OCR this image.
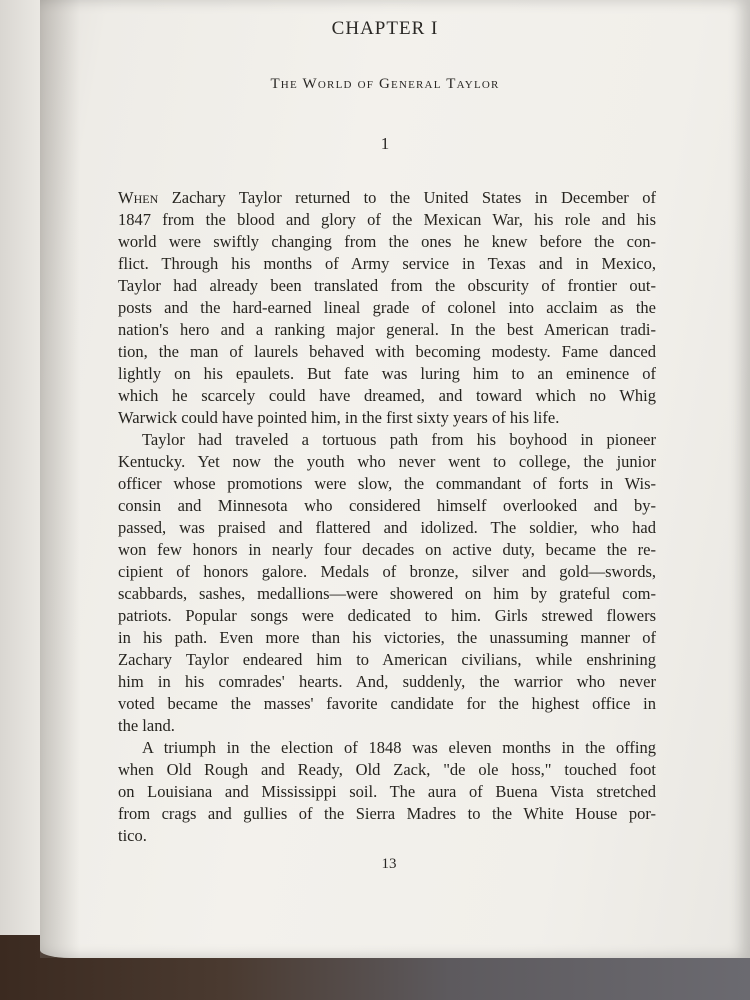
CHAPTER I
The World of General Taylor
1
When Zachary Taylor returned to the United States in December of
1847 from the blood and glory of the Mexican War, his role and his
world were swiftly changing from the ones he knew before the con-
flict. Through his months of Army service in Texas and in Mexico,
Taylor had already been translated from the obscurity of frontier out-
posts and the hard-earned lineal grade of colonel into acclaim as the
nation's hero and a ranking major general. In the best American tradi-
tion, the man of laurels behaved with becoming modesty. Fame danced
lightly on his epaulets. But fate was luring him to an eminence of
which he scarcely could have dreamed, and toward which no Whig
Warwick could have pointed him, in the first sixty years of his life.
Taylor had traveled a tortuous path from his boyhood in pioneer
Kentucky. Yet now the youth who never went to college, the junior
officer whose promotions were slow, the commandant of forts in Wis-
consin and Minnesota who considered himself overlooked and by-
passed, was praised and flattered and idolized. The soldier, who had
won few honors in nearly four decades on active duty, became the re-
cipient of honors galore. Medals of bronze, silver and gold—swords,
scabbards, sashes, medallions—were showered on him by grateful com-
patriots. Popular songs were dedicated to him. Girls strewed flowers
in his path. Even more than his victories, the unassuming manner of
Zachary Taylor endeared him to American civilians, while enshrining
him in his comrades' hearts. And, suddenly, the warrior who never
voted became the masses' favorite candidate for the highest office in
the land.
A triumph in the election of 1848 was eleven months in the offing
when Old Rough and Ready, Old Zack, "de ole hoss," touched foot
on Louisiana and Mississippi soil. The aura of Buena Vista stretched
from crags and gullies of the Sierra Madres to the White House por-
tico.
13
